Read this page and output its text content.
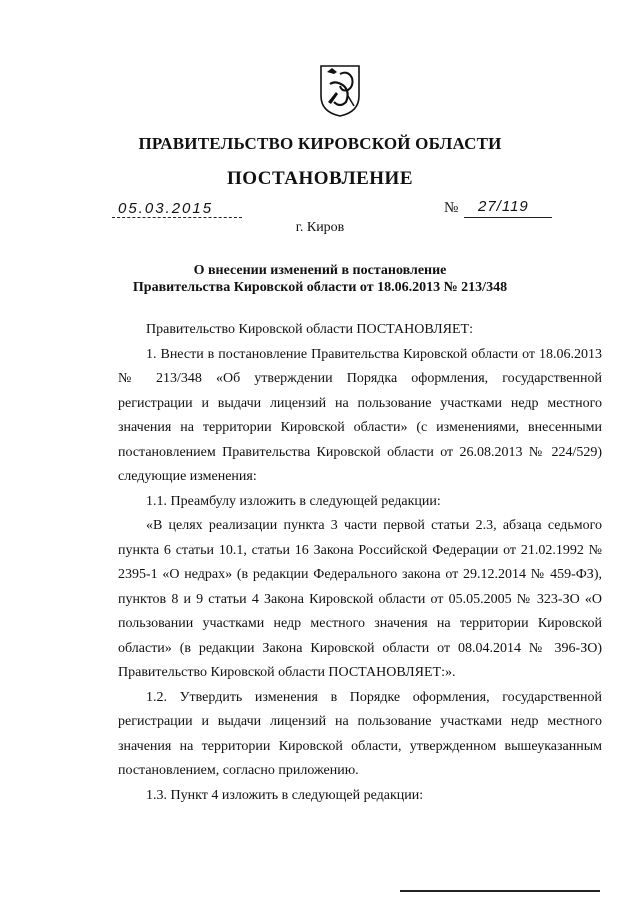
ПРАВИТЕЛЬСТВО КИРОВСКОЙ ОБЛАСТИ
ПОСТАНОВЛЕНИЕ
05.03.2015	№ 27/119
г. Киров
О внесении изменений в постановление
Правительства Кировской области от 18.06.2013 № 213/348

Правительство Кировской области ПОСТАНОВЛЯЕТ:

1. Внести в постановление Правительства Кировской области от 18.06.2013 № 213/348 «Об утверждении Порядка оформления, государственной регистрации и выдачи лицензий на пользование участками недр местного значения на территории Кировской области» (с изменениями, внесенными постановлением Правительства Кировской области от 26.08.2013 № 224/529) следующие изменения:

1.1. Преамбулу изложить в следующей редакции:

«В целях реализации пункта 3 части первой статьи 2.3, абзаца седьмого пункта 6 статьи 10.1, статьи 16 Закона Российской Федерации от 21.02.1992 № 2395-1 «О недрах» (в редакции Федерального закона от 29.12.2014 № 459-ФЗ), пунктов 8 и 9 статьи 4 Закона Кировской области от 05.05.2005 № 323-ЗО «О пользовании участками недр местного значения на территории Кировской области» (в редакции Закона Кировской области от 08.04.2014 № 396-ЗО) Правительство Кировской области ПОСТАНОВЛЯЕТ:».

1.2. Утвердить изменения в Порядке оформления, государственной регистрации и выдачи лицензий на пользование участками недр местного значения на территории Кировской области, утвержденном вышеуказанным постановлением, согласно приложению.

1.3. Пункт 4 изложить в следующей редакции:
